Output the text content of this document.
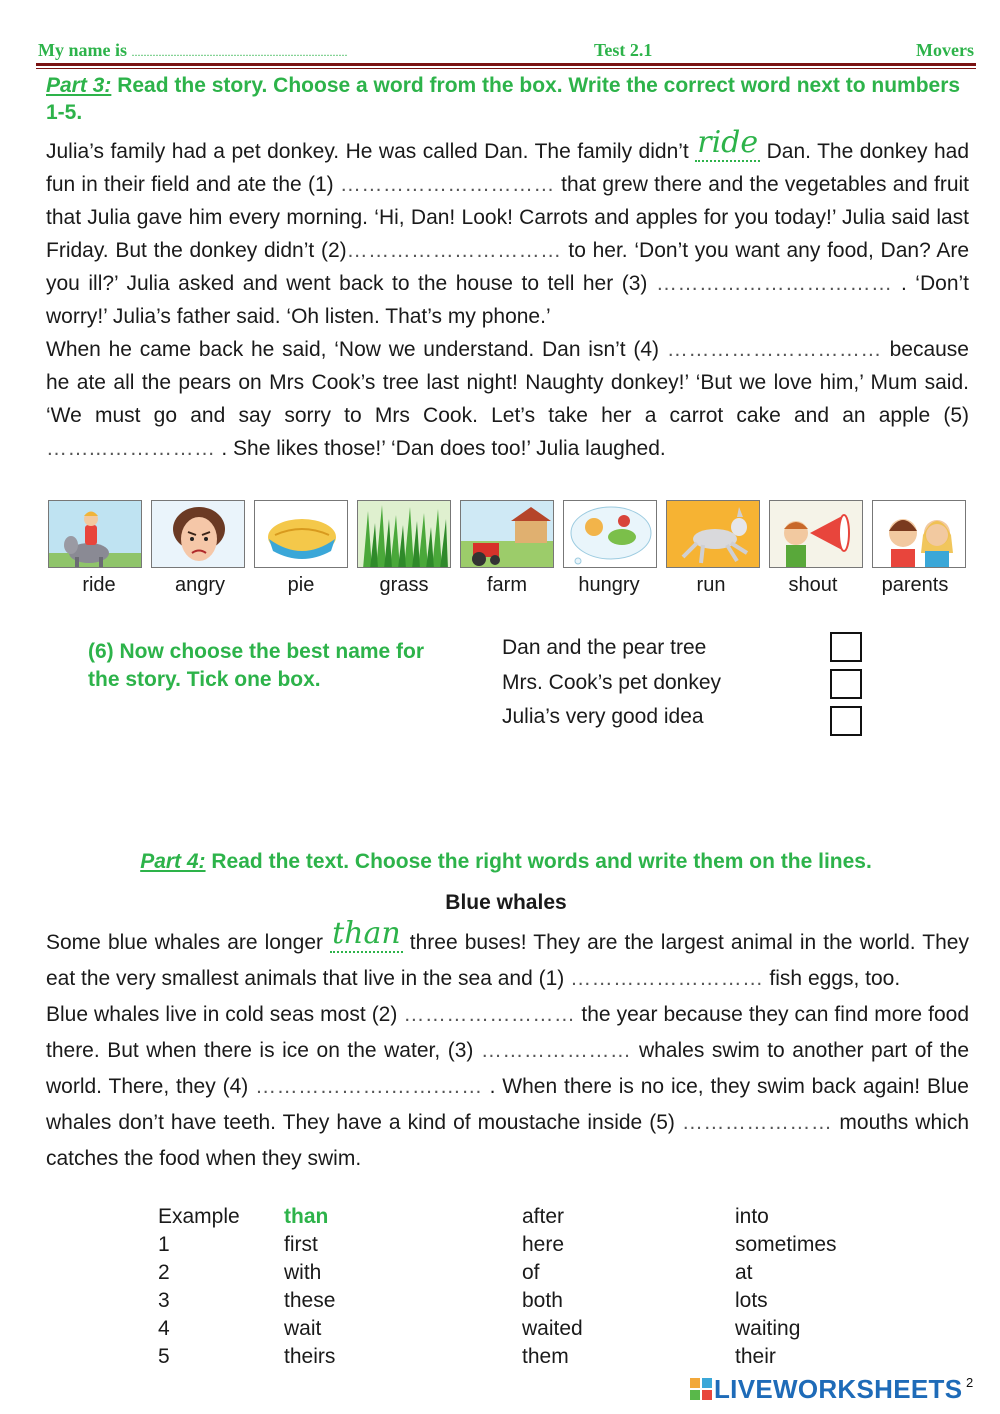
My name is ........................................................................	Test 2.1	Movers
Part 3: Read the story. Choose a word from the box. Write the correct word next to numbers 1-5.

Julia’s family had a pet donkey. He was called Dan. The family didn’t ride Dan. The donkey had fun in their field and ate the (1) ………………………… that grew there and the vegetables and fruit that Julia gave him every morning. ‘Hi, Dan! Look! Carrots and apples for you today!’ Julia said last Friday. But the donkey didn’t (2)………………………… to her. ‘Don’t you want any food, Dan? Are you ill?’ Julia asked and went back to the house to tell her (3) …………………………… . ‘Don’t worry!’ Julia’s father said. ‘Oh listen. That’s my phone.’

When he came back he said, ‘Now we understand. Dan isn’t (4) ………………………… because he ate all the pears on Mrs Cook’s tree last night! Naughty donkey!’ ‘But we love him,’ Mum said. ‘We must go and say sorry to Mrs Cook. Let’s take her a carrot cake and an apple (5) ……...…………… . She likes those!’ ‘Dan does too!’ Julia laughed.

ride	angry	pie	grass	farm	hungry	run	shout	parents
(6) Now choose the best name for the story. Tick one box.
Dan and the pear tree
Mrs. Cook’s pet donkey
Julia’s very good idea
Part 4: Read the text. Choose the right words and write them on the lines.
Blue whales

Some blue whales are longer than three buses! They are the largest animal in the world. They eat the very smallest animals that live in the sea and (1) ……………………… fish eggs, too.

Blue whales live in cold seas most (2) …………………… the year because they can find more food there. But when there is ice on the water, (3) ………………… whales swim to another part of the world. There, they (4) ……………….…….…… . When there is no ice, they swim back again! Blue whales don’t have teeth. They have a kind of moustache inside (5) ………………… mouths which catches the food when they swim.

Example	than	after	into
1	first	here	sometimes
2	with	of	at
3	these	both	lots
4	wait	waited	waiting
5	theirs	them	their
LIVEWORKSHEETS 2
